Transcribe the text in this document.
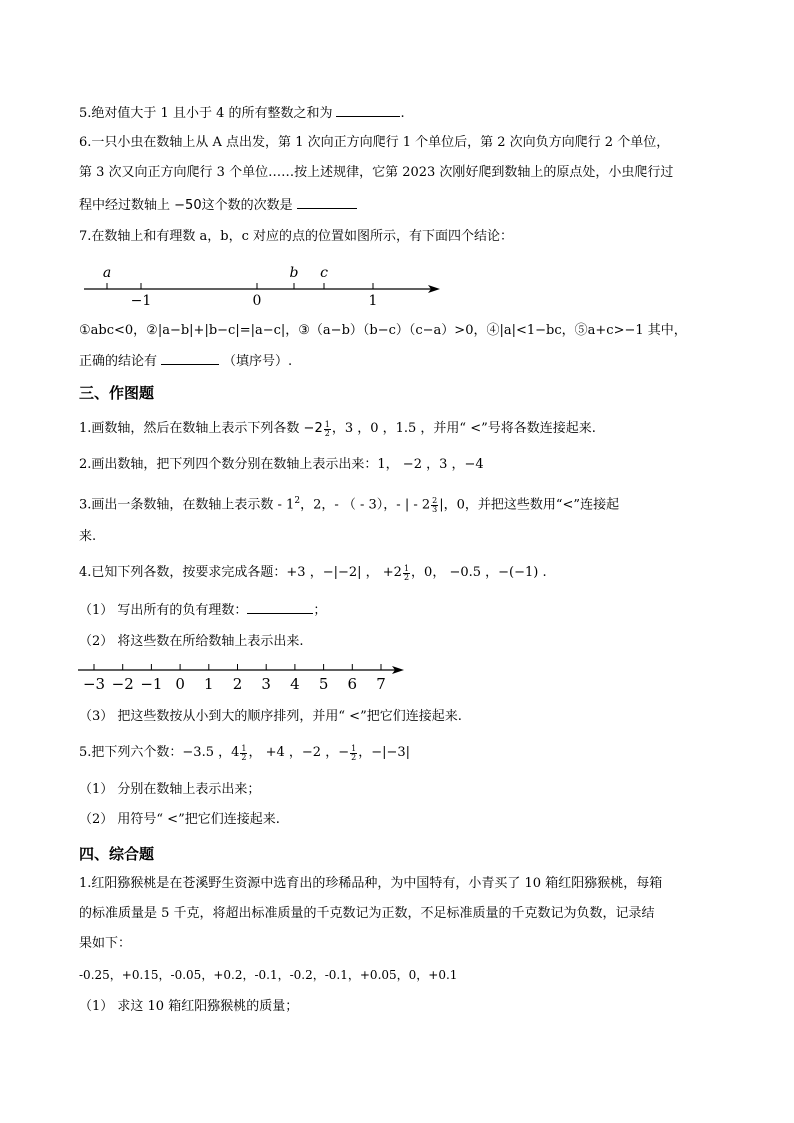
5.绝对值大于 1 且小于 4 的所有整数之和为	.
6.一只小虫在数轴上从 A 点出发，第 1 次向正方向爬行 1 个单位后，第 2 次向负方向爬行 2 个单位，
第 3 次又向正方向爬行 3 个单位……按上述规律，它第 2023 次刚好爬到数轴上的原点处，小虫爬行过
程中经过数轴上 −50这个数的次数是
7.在数轴上和有理数 a，b，c 对应的点的位置如图所示，有下面四个结论：
a	b c
−1	0	1
①abc<0，②|a−b|+|b−c|=|a−c|，③（a−b）（b−c）（c−a）>0，④|a|<1−bc，⑤a+c>−1 其中，
正确的结论有	（填序号）.
三、作图题
1.画数轴，然后在数轴上表示下列各数 $-2 \frac{1}{2}$ ，3 ，0 ，1.5 ，并用“ <”号将各数连接起来.
2.画出数轴，把下列四个数分别在数轴上表示出来：1， −2 ，3 ，−4
3.画出一条数轴，在数轴上表示数 - $1^2$，2，- （ - 3），- | - $2 \frac{2}{3}$ |，0，并把这些数用“<”连接起
来.
4.已知下列各数，按要求完成各题：+3 ，−|−2| ， $+2 \frac{1}{2}$ ，0， −0.5 ，−(−1) .
（1） 写出所有的负有理数：	；
（2） 将这些数在所给数轴上表示出来.
−3 −2 −1 0 1 2 3 4 5 6 7
（3） 把这些数按从小到大的顺序排列，并用“ <”把它们连接起来.
5.把下列六个数：−3.5 ，$4 \frac{1}{2}$ ， +4 ，−2 ，− $\frac{1}{2}$ ，−|−3|
（1） 分别在数轴上表示出来；
（2） 用符号“ <”把它们连接起来.
四、综合题
1.红阳猕猴桃是在苍溪野生资源中选育出的珍稀品种，为中国特有，小青买了 10 箱红阳猕猴桃，每箱
的标准质量是 5 千克，将超出标准质量的千克数记为正数，不足标准质量的千克数记为负数，记录结
果如下：
-0.25，+0.15，-0.05，+0.2，-0.1，-0.2，-0.1，+0.05，0，+0.1
（1） 求这 10 箱红阳猕猴桃的质量；
